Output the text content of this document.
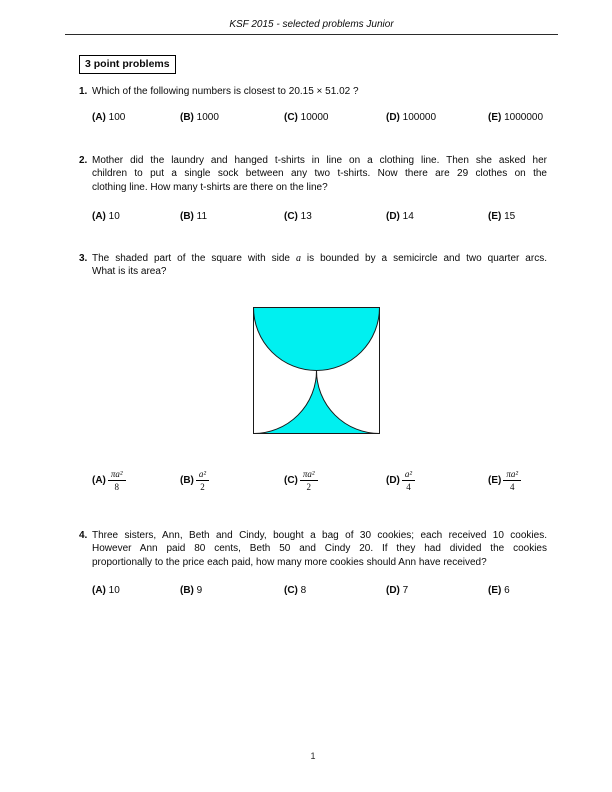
KSF 2015 - selected problems Junior
3 point problems
1. Which of the following numbers is closest to 20.15 × 51.02 ?
(A) 100	(B) 1000	(C) 10000	(D) 100000	(E) 1000000
2. Mother did the laundry and hanged t-shirts in line on a clothing line. Then she asked her
children to put a single sock between any two t-shirts. Now there are 29 clothes on the
clothing line. How many t-shirts are there on the line?
(A) 10	(B) 11	(C) 13	(D) 14	(E) 15
3. The shaded part of the square with side a is bounded by a semicircle and two quarter arcs.
What is its area?
$(A) \frac{\text{πa²}}{8}$	$(B) \frac{\text{a²}}{2}$	$(C) \frac{\text{πa²}}{2}$	$(D) \frac{\text{a²}}{4}$	$(E) \frac{\text{πa²}}{4}$
4. Three sisters, Ann, Beth and Cindy, bought a bag of 30 cookies; each received 10 cookies.
However Ann paid 80 cents, Beth 50 and Cindy 20. If they had divided the cookies
proportionally to the price each paid, how many more cookies should Ann have received?
(A) 10	(B) 9	(C) 8	(D) 7	(E) 6
1
